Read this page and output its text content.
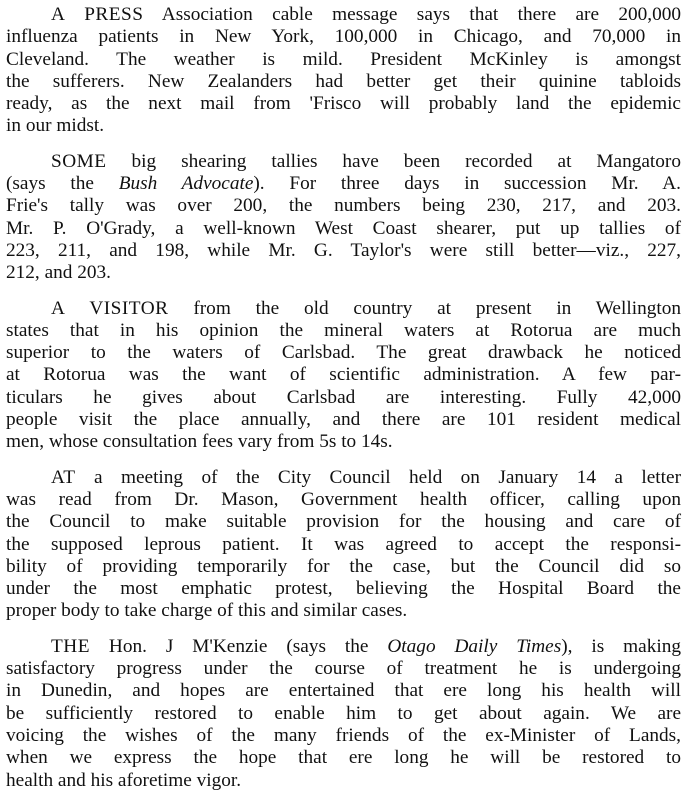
A PRESS Association cable message says that there are 200,000
influenza patients in New York, 100,000 in Chicago, and 70,000 in
Cleveland. The weather is mild. President McKinley is amongst
the sufferers. New Zealanders had better get their quinine tabloids
ready, as the next mail from 'Frisco will probably land the epidemic
in our midst.
SOME big shearing tallies have been recorded at Mangatoro
(says the Bush Advocate). For three days in succession Mr. A.
Frie's tally was over 200, the numbers being 230, 217, and 203.
Mr. P. O'Grady, a well-known West Coast shearer, put up tallies of
223, 211, and 198, while Mr. G. Taylor's were still better—viz., 227,
212, and 203.
A VISITOR from the old country at present in Wellington
states that in his opinion the mineral waters at Rotorua are much
superior to the waters of Carlsbad. The great drawback he noticed
at Rotorua was the want of scientific administration. A few par-
ticulars he gives about Carlsbad are interesting. Fully 42,000
people visit the place annually, and there are 101 resident medical
men, whose consultation fees vary from 5s to 14s.
AT a meeting of the City Council held on January 14 a letter
was read from Dr. Mason, Government health officer, calling upon
the Council to make suitable provision for the housing and care of
the supposed leprous patient. It was agreed to accept the responsi-
bility of providing temporarily for the case, but the Council did so
under the most emphatic protest, believing the Hospital Board the
proper body to take charge of this and similar cases.
THE Hon. J M'Kenzie (says the Otago Daily Times), is making
satisfactory progress under the course of treatment he is undergoing
in Dunedin, and hopes are entertained that ere long his health will
be sufficiently restored to enable him to get about again. We are
voicing the wishes of the many friends of the ex-Minister of Lands,
when we express the hope that ere long he will be restored to
health and his aforetime vigor.
